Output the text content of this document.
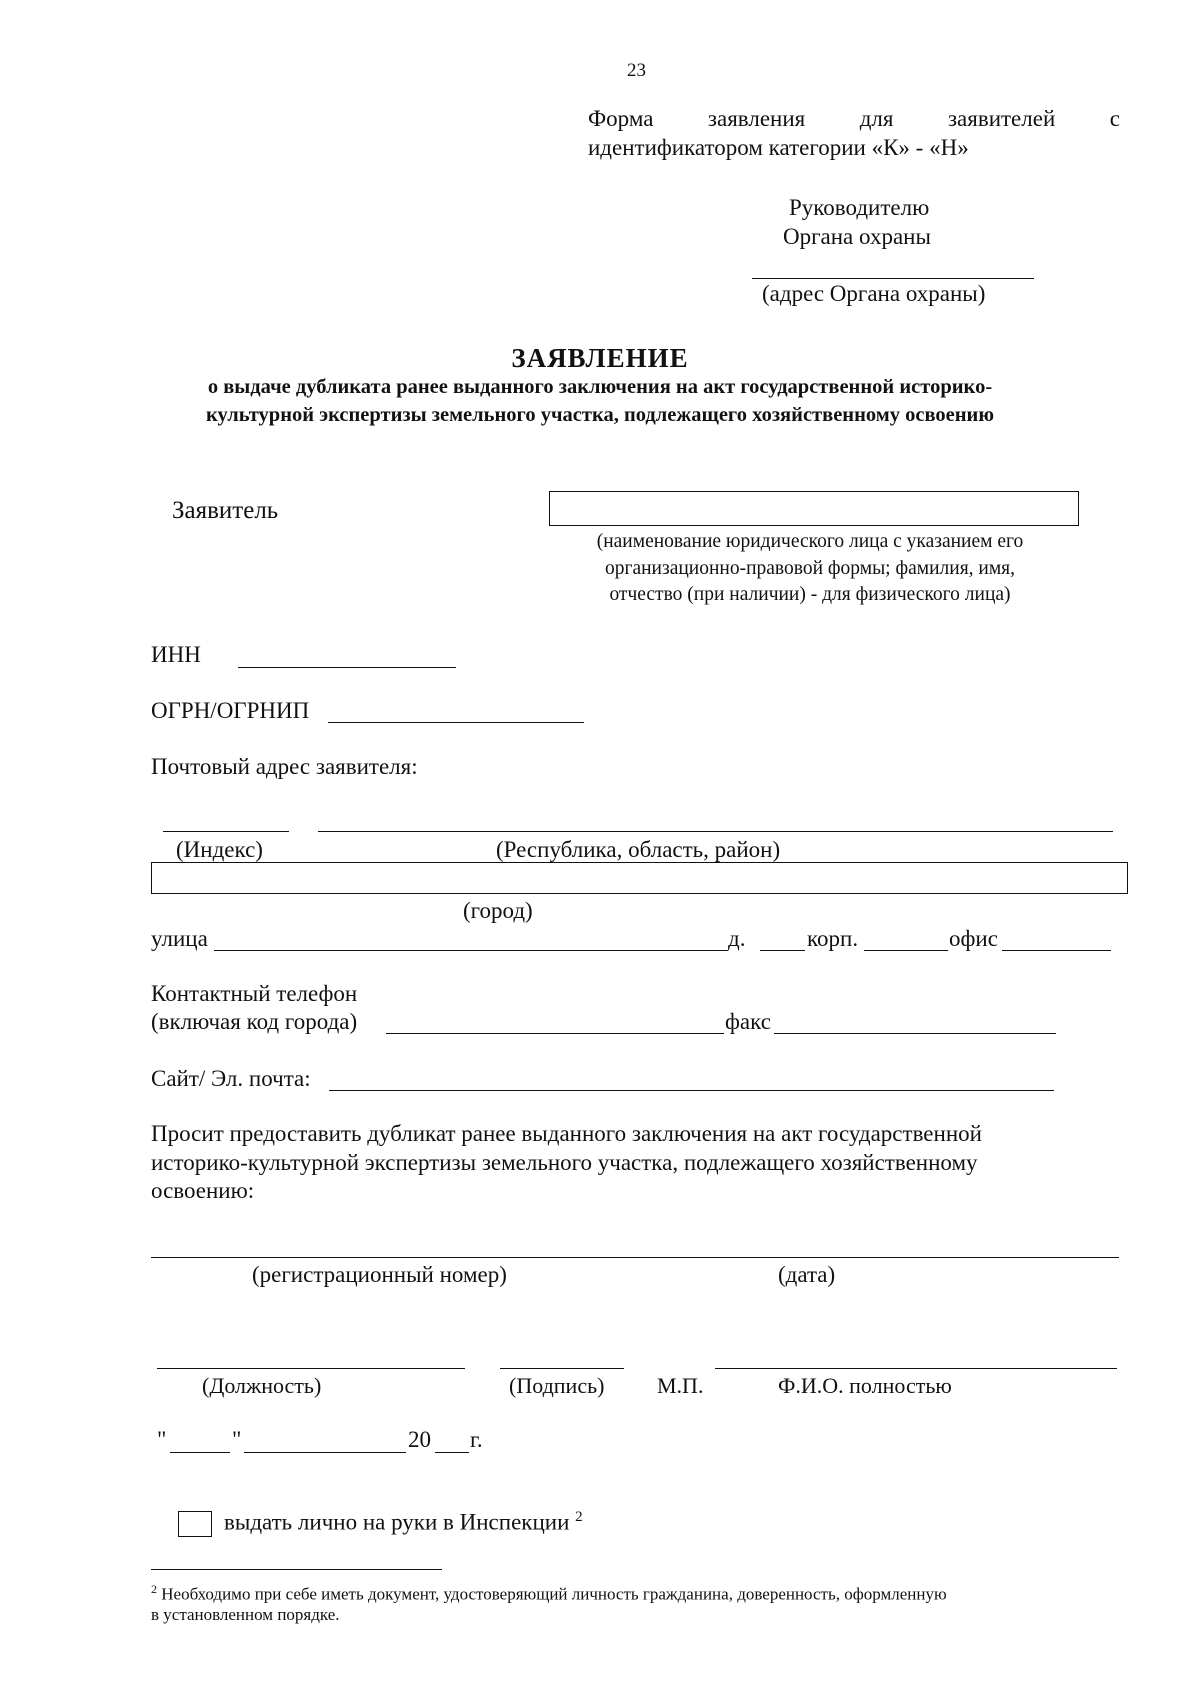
23
Форма заявления для заявителей с
идентификатором категории «К» - «Н»
Руководителю
Органа охраны
(адрес Органа охраны)
ЗАЯВЛЕНИЕ
о выдаче дубликата ранее выданного заключения на акт государственной историко-
культурной экспертизы земельного участка, подлежащего хозяйственному освоению
Заявитель
(наименование юридического лица с указанием его
организационно-правовой формы; фамилия, имя,
отчество (при наличии) - для физического лица)
ИНН
ОГРН/ОГРНИП
Почтовый адрес заявителя:
(Индекс)	(Республика, область, район)
(город)
улица	д.	корп.	офис
Контактный телефон
(включая код города)	факс
Сайт/ Эл. почта:
Просит предоставить дубликат ранее выданного заключения на акт государственной
историко-культурной экспертизы земельного участка, подлежащего хозяйственному
освоению:
(регистрационный номер)	(дата)
(Должность)	(Подпись) М.П.	Ф.И.О. полностью
"	"	20 г.
выдать лично на руки в Инспекции $^2$
$^2$ Необходимо при себе иметь документ, удостоверяющий личность гражданина, доверенность, оформленную
в установленном порядке.
